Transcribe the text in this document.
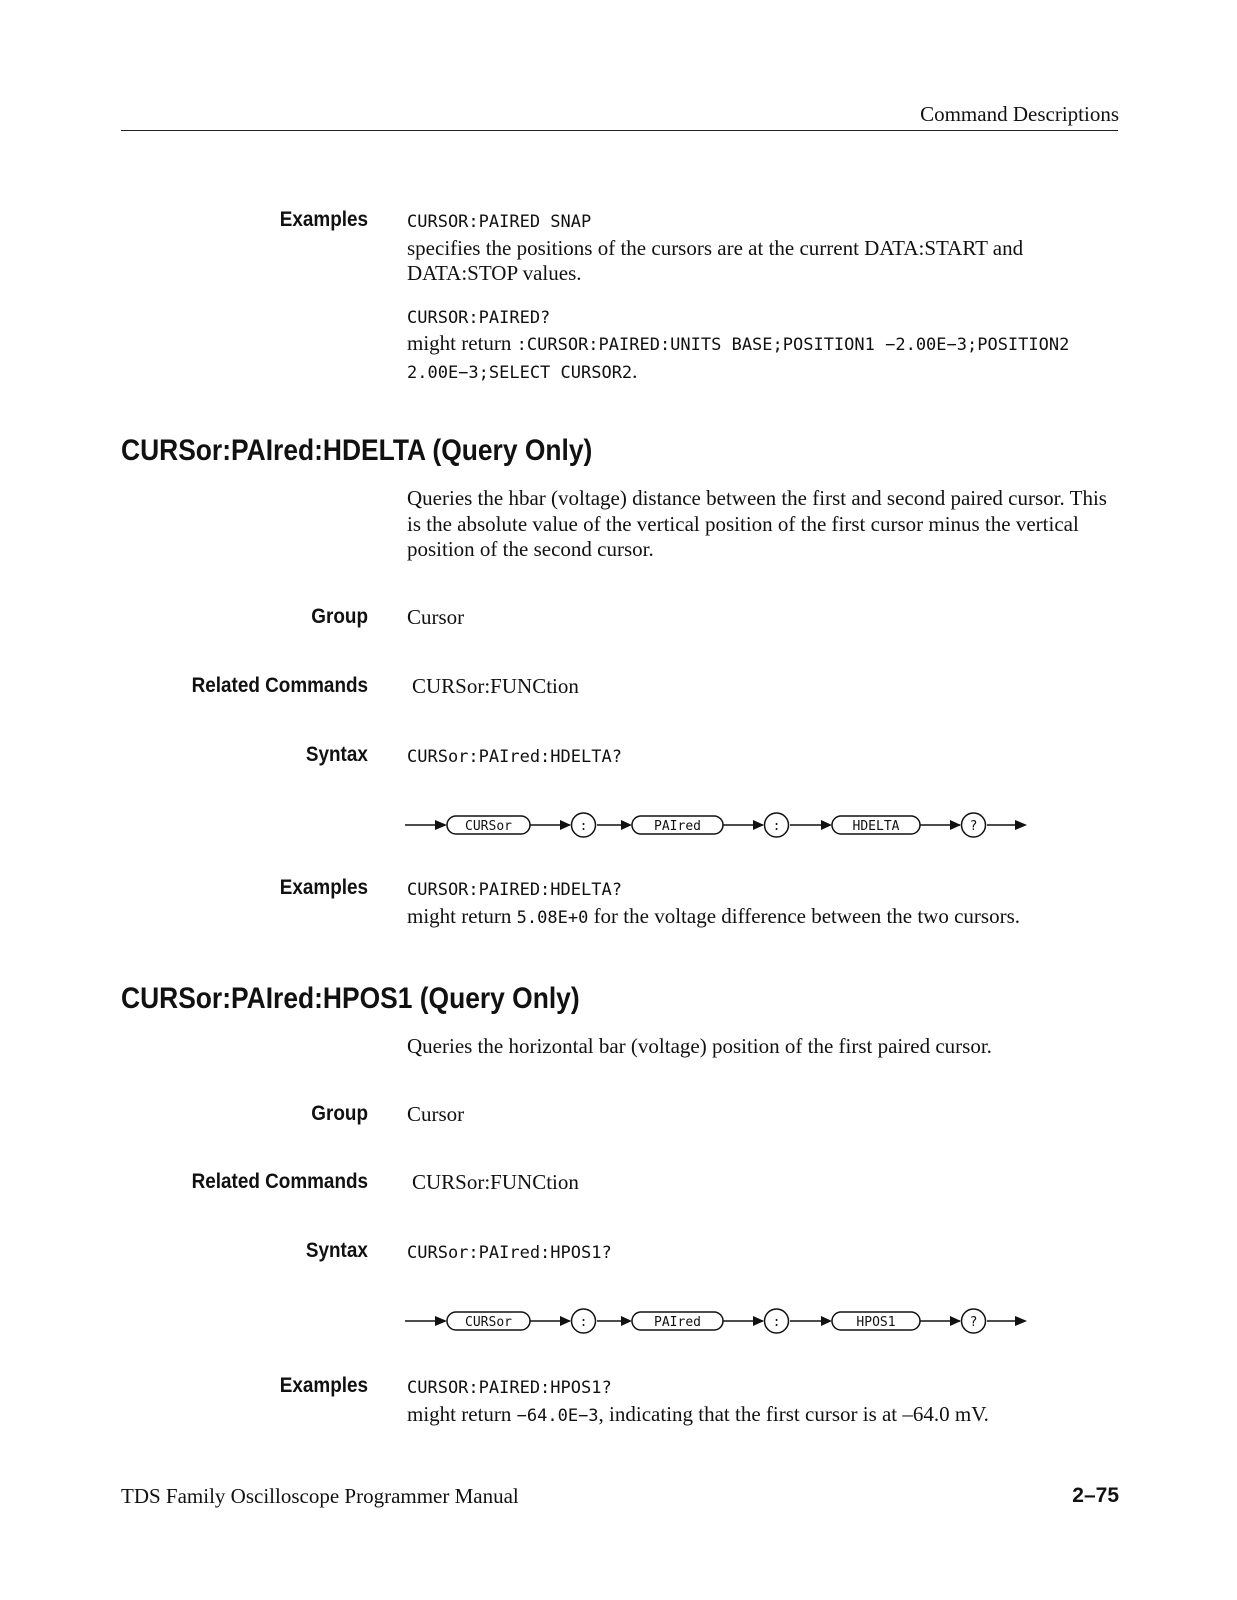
Command Descriptions
Examples CURSOR:PAIRED SNAP

specifies the positions of the cursors are at the current DATA:START and DATA:STOP values.

CURSOR:PAIRED?

might return :CURSOR:PAIRED:UNITS BASE;POSITION1 −2.00E−3;POSITION2 2.00E−3;SELECT CURSOR2.

CURSor:PAIred:HDELTA (Query Only)
Queries the hbar (voltage) distance between the first and second paired cursor. This is the absolute value of the vertical position of the first cursor minus the vertical position of the second cursor.
Group Cursor
Related Commands CURSor:FUNCtion
Syntax CURSor:PAIred:HDELTA?
CURSor	:	PAIred	:	HDELTA	?
Examples CURSOR:PAIRED:HDELTA?

might return 5.08E+0 for the voltage difference between the two cursors.

CURSor:PAIred:HPOS1 (Query Only)
Queries the horizontal bar (voltage) position of the first paired cursor.
Group Cursor
Related Commands CURSor:FUNCtion
Syntax CURSor:PAIred:HPOS1?
CURSor	:	PAIred	:	HPOS1	?
Examples CURSOR:PAIRED:HPOS1?

might return −64.0E−3, indicating that the first cursor is at –64.0 mV.

TDS Family Oscilloscope Programmer Manual	2–75
